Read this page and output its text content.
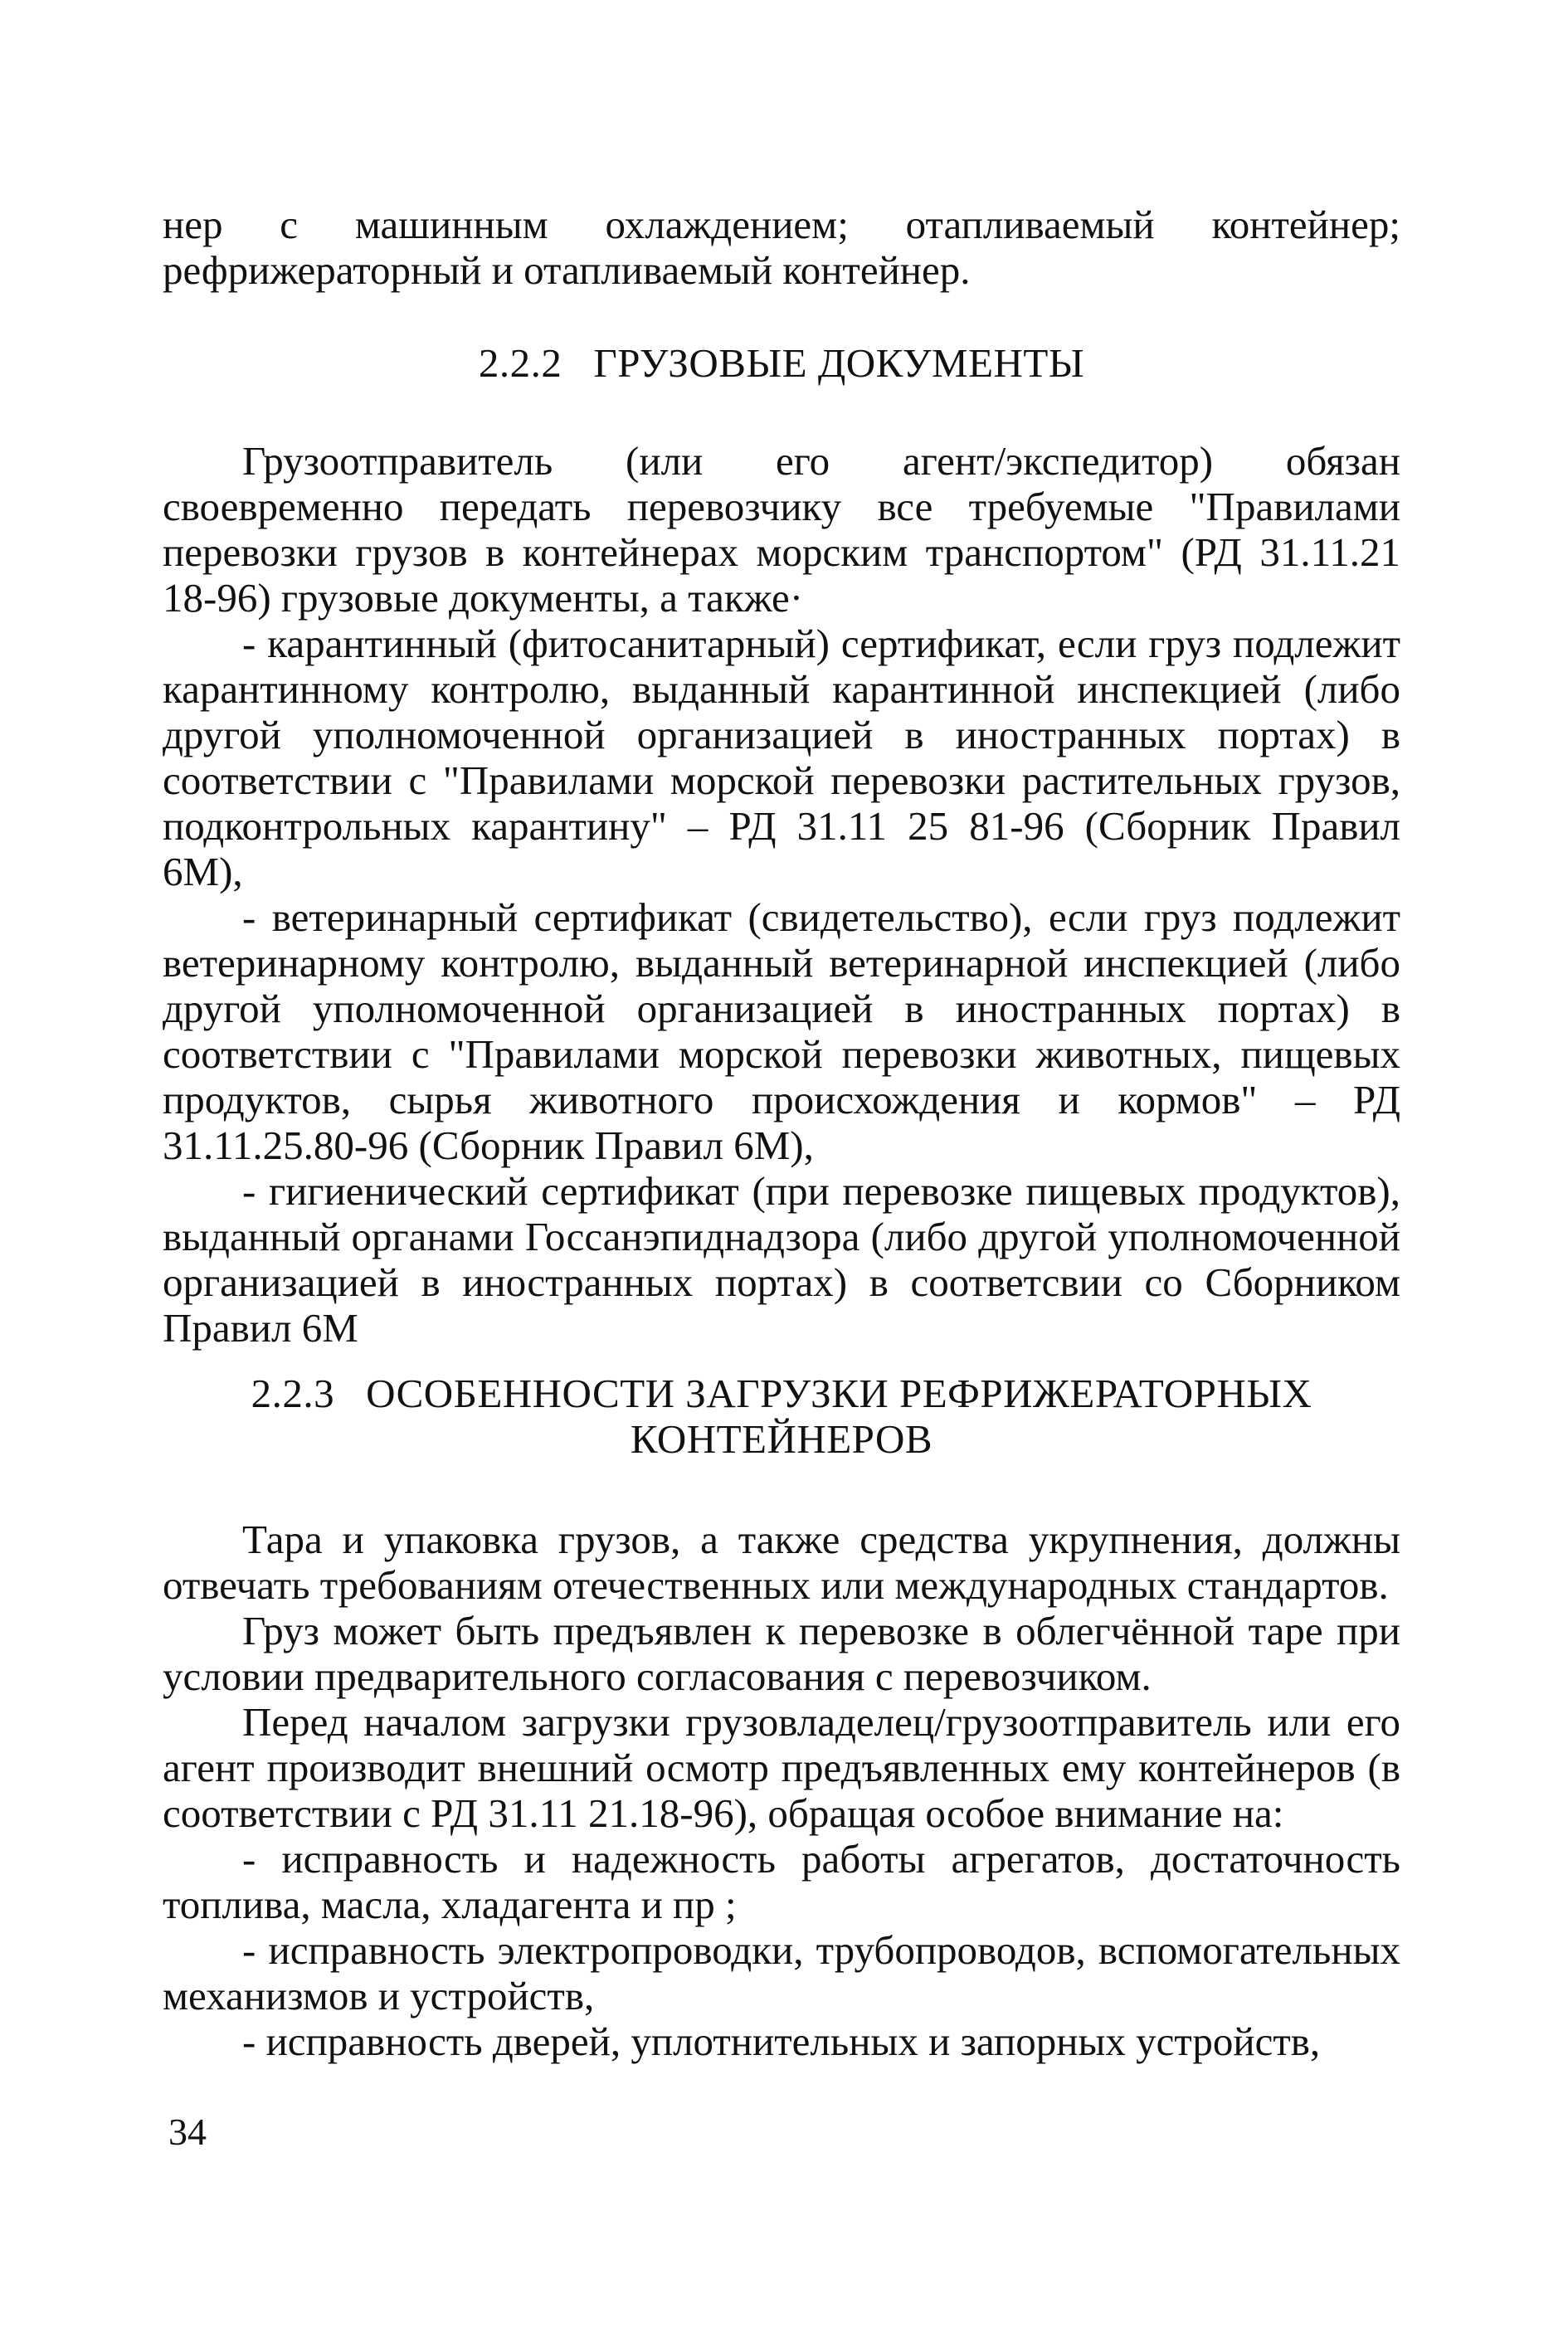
нер с машинным охлаждением; отапливаемый контейнер; рефрижераторный и отапливаемый контейнер.

2.2.2 ГРУЗОВЫЕ ДОКУМЕНТЫ

Грузоотправитель (или его агент/экспедитор) обязан своевременно передать перевозчику все требуемые "Правилами перевозки грузов в контейнерах морским транспортом" (РД 31.11.21 18-96) грузовые документы, а также·

- карантинный (фитосанитарный) сертификат, если груз подлежит карантинному контролю, выданный карантинной инспекцией (либо другой уполномоченной организацией в иностранных портах) в соответствии с "Правилами морской перевозки растительных грузов, подконтрольных карантину" – РД 31.11 25 81-96 (Сборник Правил 6М),

- ветеринарный сертификат (свидетельство), если груз подлежит ветеринарному контролю, выданный ветеринарной инспекцией (либо другой уполномоченной организацией в иностранных портах) в соответствии с "Правилами морской перевозки животных, пищевых продуктов, сырья животного происхождения и кормов" – РД 31.11.25.80-96 (Сборник Правил 6М),

- гигиенический сертификат (при перевозке пищевых продуктов), выданный органами Госсанэпиднадзора (либо другой уполномоченной организацией в иностранных портах) в соответсвии со Сборником Правил 6М

2.2.3 ОСОБЕННОСТИ ЗАГРУЗКИ РЕФРИЖЕРАТОРНЫХ

КОНТЕЙНЕРОВ

Тара и упаковка грузов, а также средства укрупнения, должны отвечать требованиям отечественных или международных стандартов.

Груз может быть предъявлен к перевозке в облегчённой таре при условии предварительного согласования с перевозчиком.

Перед началом загрузки грузовладелец/грузоотправитель или его агент производит внешний осмотр предъявленных ему контейнеров (в соответствии с РД 31.11 21.18-96), обращая особое внимание на:

- исправность и надежность работы агрегатов, достаточность топлива, масла, хладагента и пр ;

- исправность электропроводки, трубопроводов, вспомогательных механизмов и устройств,

- исправность дверей, уплотнительных и запорных устройств,

34
